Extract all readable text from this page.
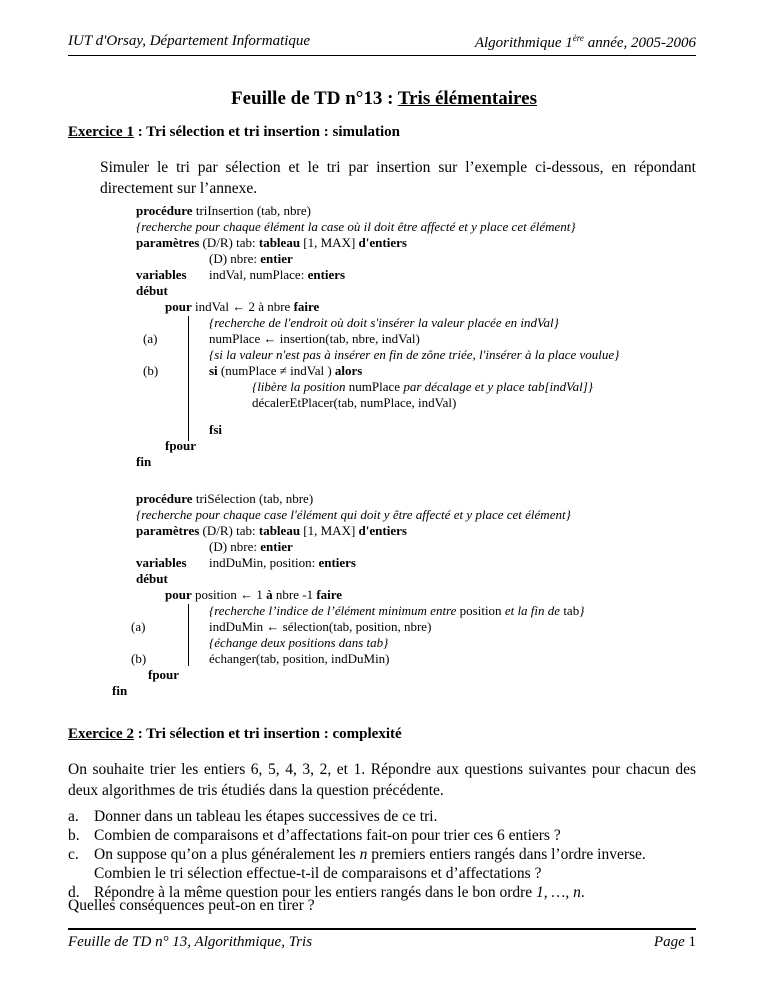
IUT d'Orsay, Département Informatique	Algorithmique 1ère année, 2005-2006
Feuille de TD n°13 : Tris élémentaires
Exercice 1 : Tri sélection et tri insertion : simulation
Simuler le tri par sélection et le tri par insertion sur l’exemple ci-dessous, en répondant directement sur l’annexe.
procédure triInsertion (tab, nbre)
{recherche pour chaque élément la case où il doit être affecté et y place cet élément}
paramètres (D/R) tab: tableau [1, MAX] d'entiers
(D) nbre: entier
variables indVal, numPlace: entiers
début
pour indVal ← 2 à nbre faire
{recherche de l'endroit où doit s'insérer la valeur placée en indVal}
(a)	numPlace ← insertion(tab, nbre, indVal)
{si la valeur n'est pas à insérer en fin de zône triée, l'insérer à la place voulue}
(b)	si (numPlace ≠ indVal ) alors
{libère la position numPlace par décalage et y place tab[indVal]}
décalerEtPlacer(tab, numPlace, indVal)
fsi
fpour
fin
procédure triSélection (tab, nbre)
{recherche pour chaque case l'élément qui doit y être affecté et y place cet élément}
paramètres (D/R) tab: tableau [1, MAX] d'entiers
(D) nbre: entier
variables indDuMin, position: entiers
début
pour position ← 1 à nbre -1 faire
{recherche l’indice de l’élément minimum entre position et la fin de tab}
(a)	indDuMin ← sélection(tab, position, nbre)
{échange deux positions dans tab}
(b)	échanger(tab, position, indDuMin)
fpour
fin
Exercice 2 : Tri sélection et tri insertion : complexité
On souhaite trier les entiers 6, 5, 4, 3, 2, et 1. Répondre aux questions suivantes pour chacun des deux algorithmes de tris étudiés dans la question précédente.
a. Donner dans un tableau les étapes successives de ce tri.
b. Combien de comparaisons et d’affectations fait-on pour trier ces 6 entiers ?
c. On suppose qu’on a plus généralement les n premiers entiers rangés dans l’ordre inverse. Combien le tri sélection effectue-t-il de comparaisons et d’affectations ?
d. Répondre à la même question pour les entiers rangés dans le bon ordre 1, …, n.
Quelles conséquences peut-on en tirer ?
Feuille de TD n° 13, Algorithmique, Tris	Page 1
